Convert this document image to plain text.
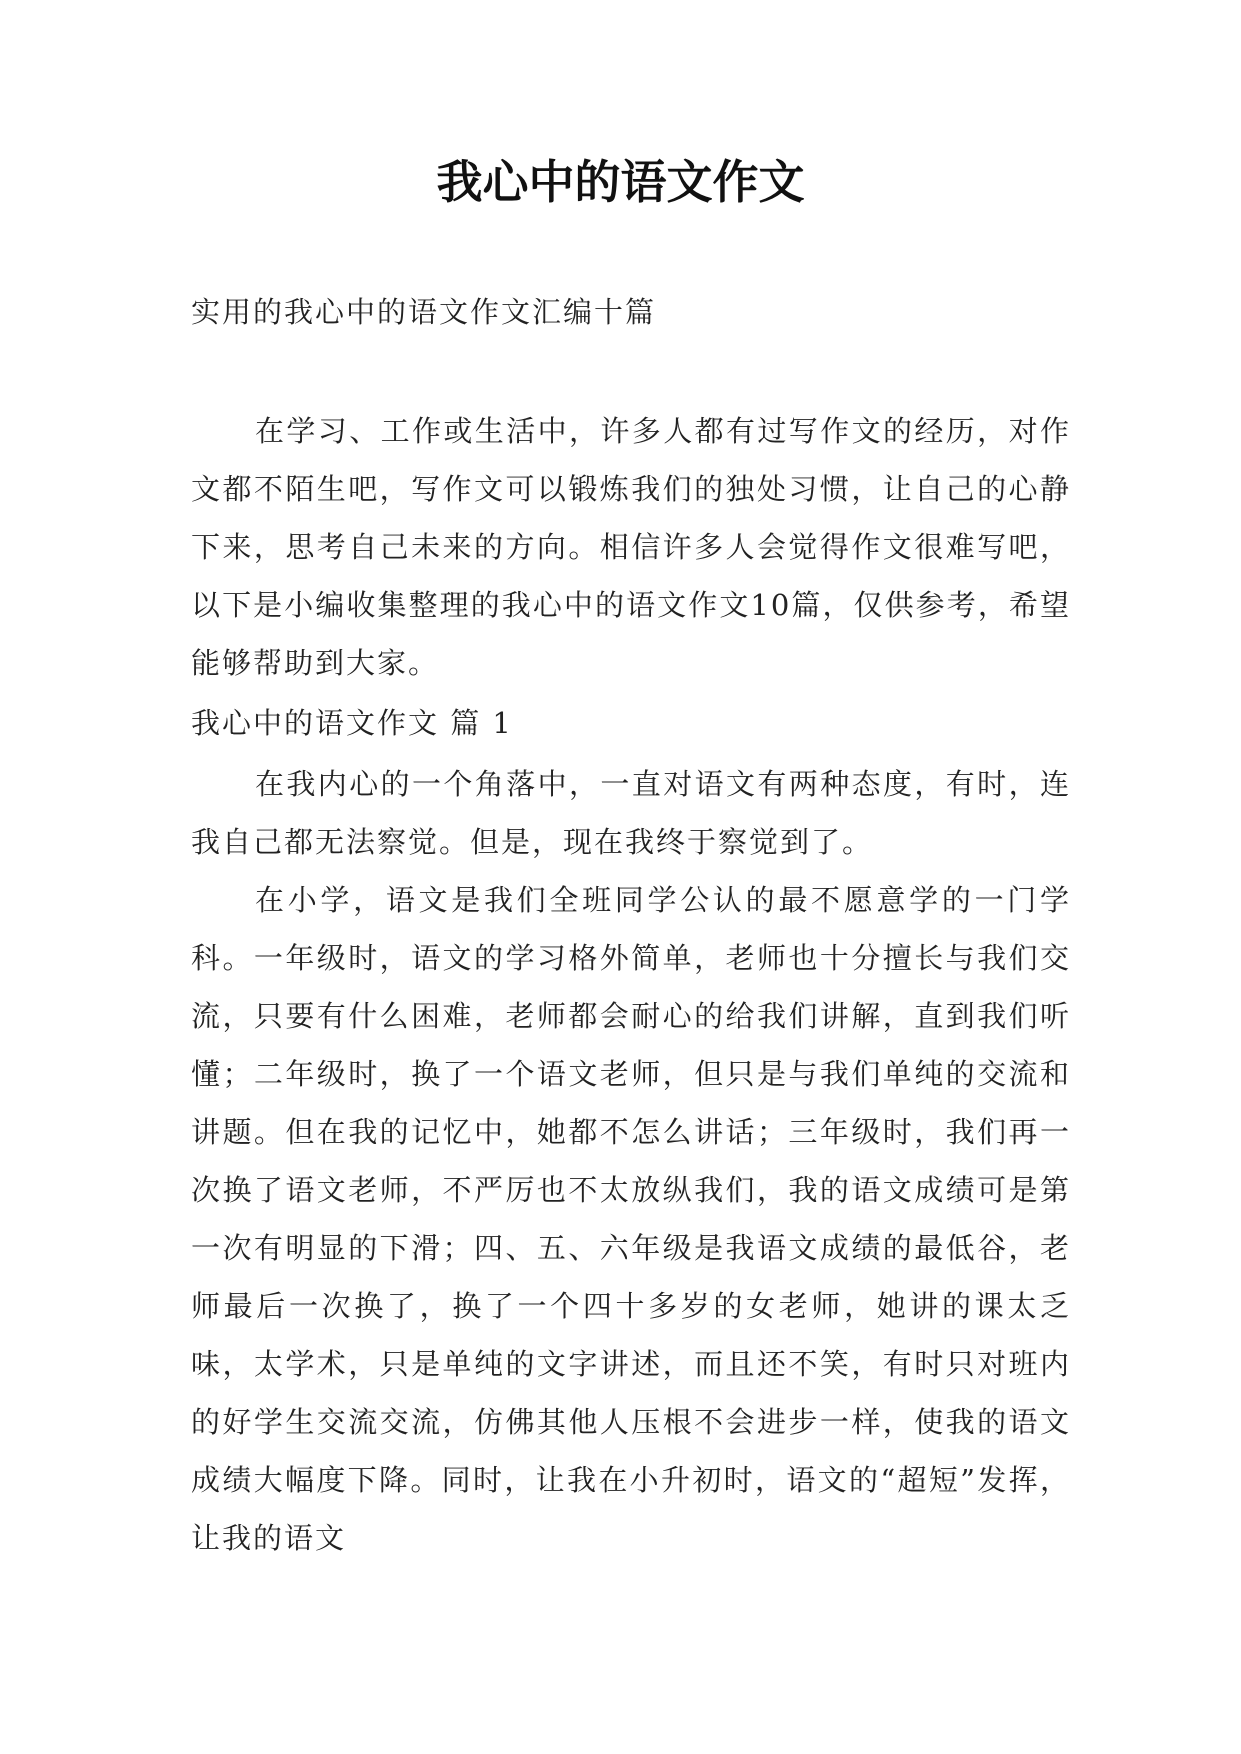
我心中的语文作文
实用的我心中的语文作文汇编十篇

在学习、工作或生活中，许多人都有过写作文的经历，对作文都不陌生吧，写作文可以锻炼我们的独处习惯，让自己的心静下来，思考自己未来的方向。相信许多人会觉得作文很难写吧，以下是小编收集整理的我心中的语文作文10篇，仅供参考，希望能够帮助到大家。

我心中的语文作文 篇 1

在我内心的一个角落中，一直对语文有两种态度，有时，连我自己都无法察觉。但是，现在我终于察觉到了。

在小学，语文是我们全班同学公认的最不愿意学的一门学科。一年级时，语文的学习格外简单，老师也十分擅长与我们交流，只要有什么困难，老师都会耐心的给我们讲解，直到我们听懂；二年级时，换了一个语文老师，但只是与我们单纯的交流和讲题。但在我的记忆中，她都不怎么讲话；三年级时，我们再一次换了语文老师，不严厉也不太放纵我们，我的语文成绩可是第一次有明显的下滑；四、五、六年级是我语文成绩的最低谷，老师最后一次换了，换了一个四十多岁的女老师，她讲的课太乏味，太学术，只是单纯的文字讲述，而且还不笑，有时只对班内的好学生交流交流，仿佛其他人压根不会进步一样，使我的语文成绩大幅度下降。同时，让我在小升初时，语文的“超短”发挥，让我的语文
